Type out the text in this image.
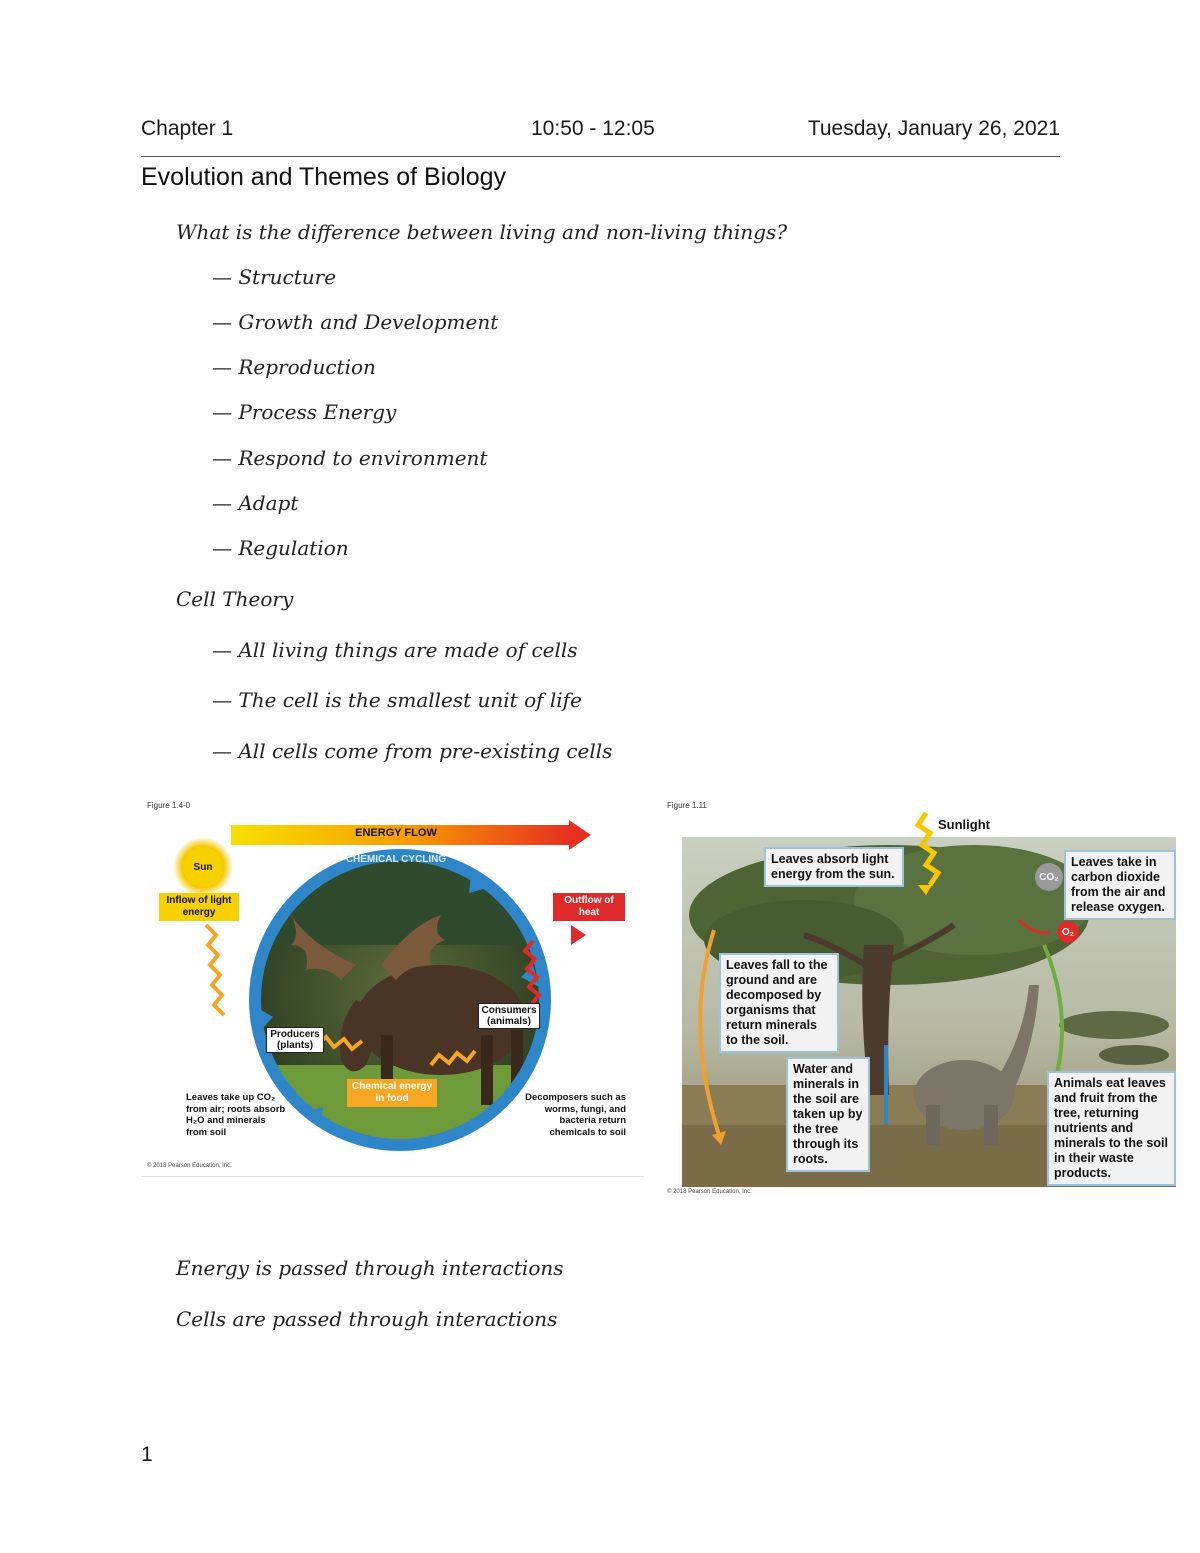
Chapter 1	10:50 - 12:05	Tuesday, January 26, 2021
Evolution and Themes of Biology
What is the difference between living and non-living things?
— Structure
— Growth and Development
— Reproduction
— Process Energy
— Respond to environment
— Adapt
— Regulation
Cell Theory
— All living things are made of cells
— The cell is the smallest unit of life
— All cells come from pre-existing cells
Figure 1.4-0
ENERGY FLOW
CHEMICAL CYCLING
Sun
Inflow of light energy
Outflow of heat
Producers (plants)
Consumers (animals)
Chemical energy in food
Leaves take up CO₂ from air; roots absorb H₂O and minerals from soil
Decomposers such as worms, fungi, and bacteria return chemicals to soil
© 2018 Pearson Education, Inc.
Figure 1.11
Sunlight
CO₂
O₂
Leaves absorb light energy from the sun.
Leaves take in carbon dioxide from the air and release oxygen.
Leaves fall to the ground and are decomposed by organisms that return minerals to the soil.
Water and minerals in the soil are taken up by the tree through its roots.
Animals eat leaves and fruit from the tree, returning nutrients and minerals to the soil in their waste products.
© 2018 Pearson Education, Inc.
Energy is passed through interactions
Cells are passed through interactions
1
